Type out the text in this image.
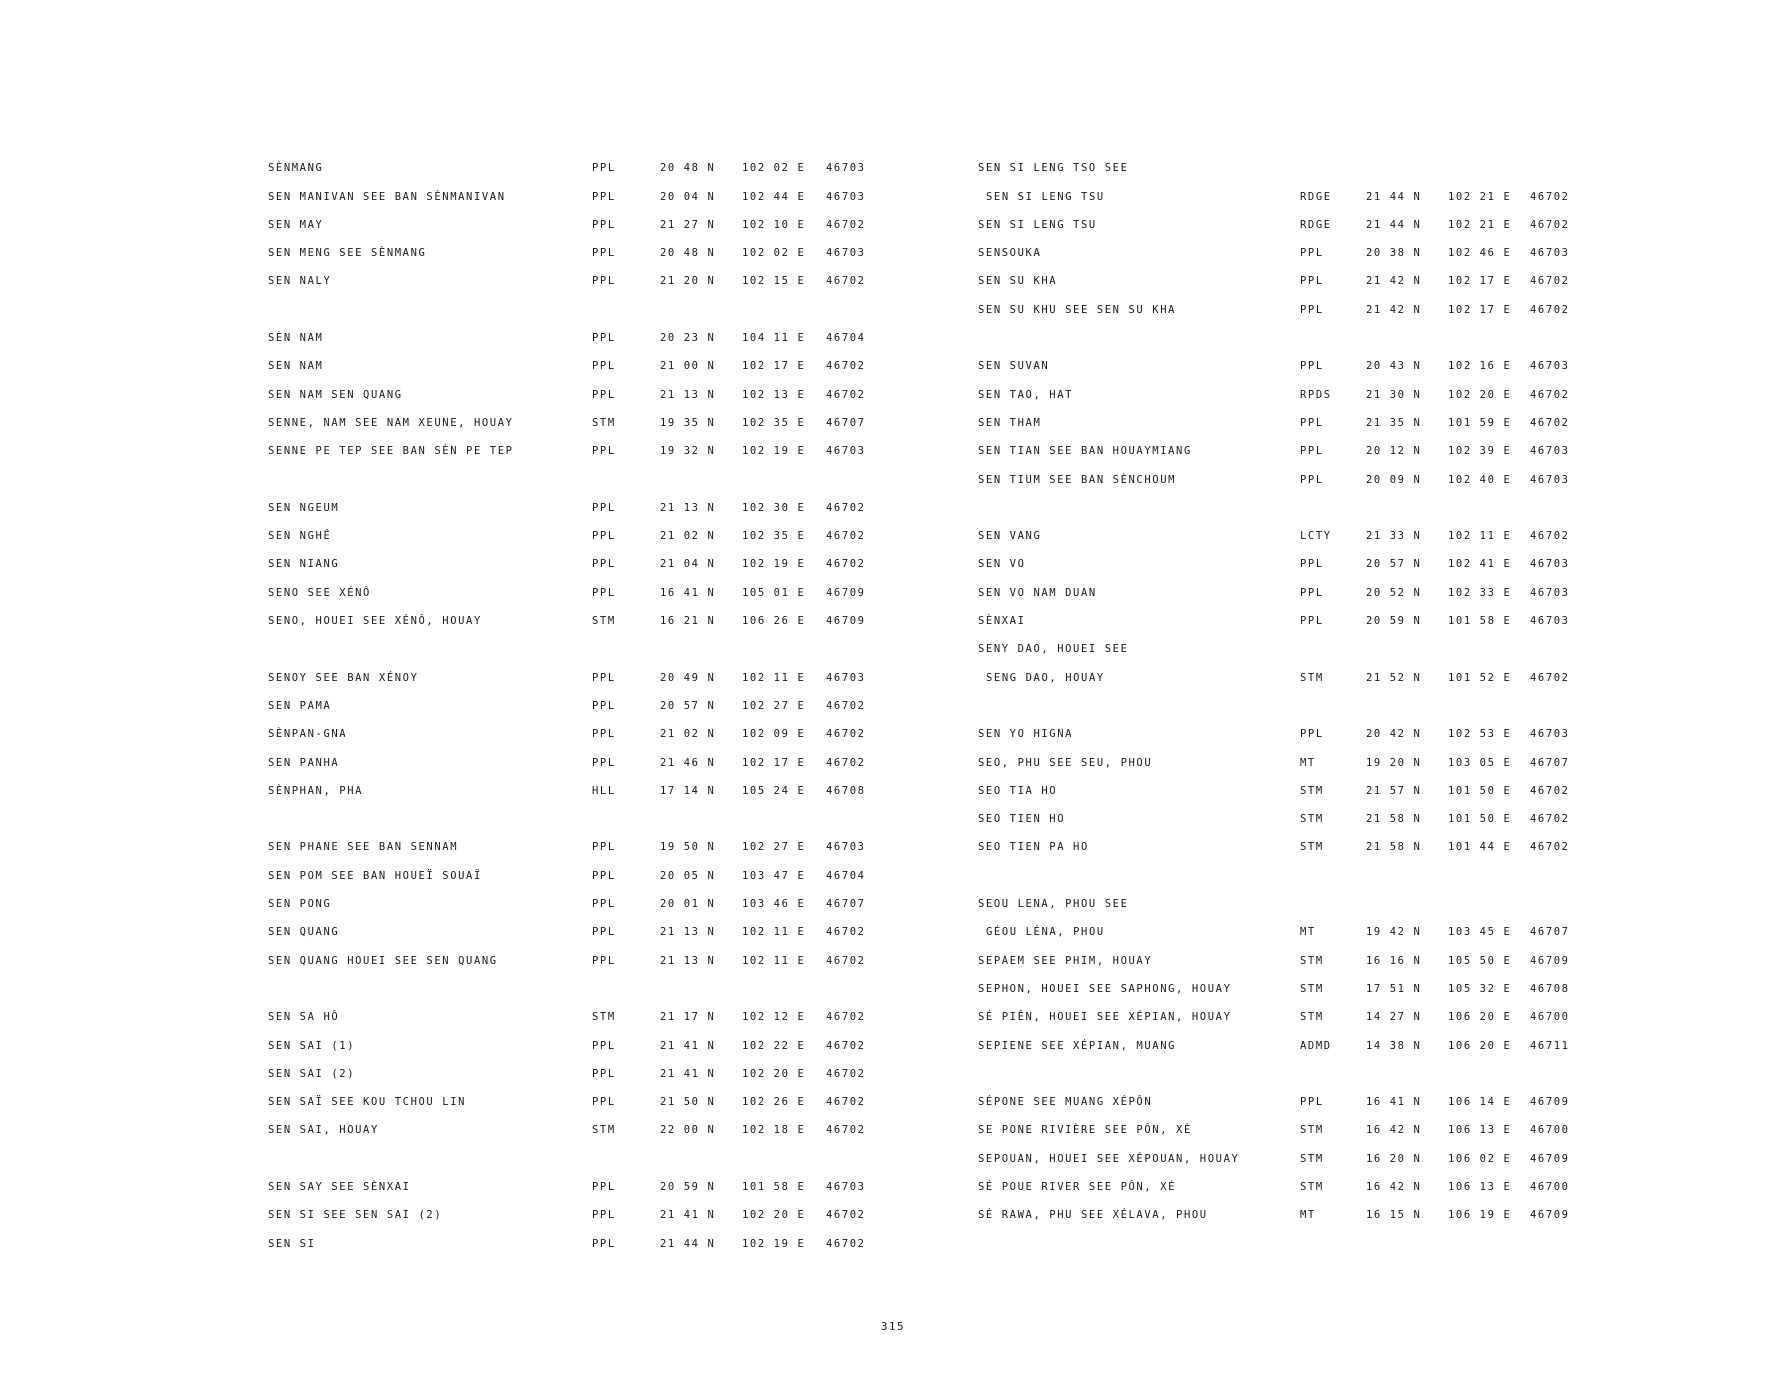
SÈNMANG	PPL	20 48 N	102 02 E	46703
SEN MANIVAN SEE BAN SÈNMANIVAN	PPL	20 04 N	102 44 E	46703
SEN MAY	PPL	21 27 N	102 10 E	46702
SEN MENG SEE SÈNMANG	PPL	20 48 N	102 02 E	46703
SEN NALY	PPL	21 20 N	102 15 E	46702
SÈN NAM	PPL	20 23 N	104 11 E	46704
SEN NAM	PPL	21 00 N	102 17 E	46702
SEN NAM SEN QUANG	PPL	21 13 N	102 13 E	46702
SENNE, NAM SEE NAM XEUNE, HOUAY	STM	19 35 N	102 35 E	46707
SENNE PE TEP SEE BAN SÈN PE TEP	PPL	19 32 N	102 19 E	46703
SEN NGEUM	PPL	21 13 N	102 30 E	46702
SEN NGHÊ	PPL	21 02 N	102 35 E	46702
SEN NIANG	PPL	21 04 N	102 19 E	46702
SENO SEE XÉNÔ	PPL	16 41 N	105 01 E	46709
SENO, HOUEI SEE XÉNÔ, HOUAY	STM	16 21 N	106 26 E	46709
SENOY SEE BAN XÉNOY	PPL	20 49 N	102 11 E	46703
SEN PAMA	PPL	20 57 N	102 27 E	46702
SÈNPAN-GNA	PPL	21 02 N	102 09 E	46702
SEN PANHA	PPL	21 46 N	102 17 E	46702
SÈNPHAN, PHA	HLL	17 14 N	105 24 E	46708
SEN PHANE SEE BAN SENNAM	PPL	19 50 N	102 27 E	46703
SEN POM SEE BAN HOUEÏ SOUAÏ	PPL	20 05 N	103 47 E	46704
SEN PONG	PPL	20 01 N	103 46 E	46707
SEN QUANG	PPL	21 13 N	102 11 E	46702
SEN QUANG HOUEI SEE SEN QUANG	PPL	21 13 N	102 11 E	46702
SEN SA HÔ	STM	21 17 N	102 12 E	46702
SEN SAI (1)	PPL	21 41 N	102 22 E	46702
SEN SAI (2)	PPL	21 41 N	102 20 E	46702
SEN SAÏ SEE KOU TCHOU LIN	PPL	21 50 N	102 26 E	46702
SEN SAI, HOUAY	STM	22 00 N	102 18 E	46702
SEN SAY SEE SÈNXAI	PPL	20 59 N	101 58 E	46703
SEN SI SEE SEN SAI (2)	PPL	21 41 N	102 20 E	46702
SEN SI	PPL	21 44 N	102 19 E	46702
SEN SI LENG TSO SEE
SEN SI LENG TSU	RDGE	21 44 N	102 21 E	46702
SEN SI LENG TSU	RDGE	21 44 N	102 21 E	46702
SENSOUKA	PPL	20 38 N	102 46 E	46703
SEN SU KHA	PPL	21 42 N	102 17 E	46702
SEN SU KHU SEE SEN SU KHA	PPL	21 42 N	102 17 E	46702
SEN SUVAN	PPL	20 43 N	102 16 E	46703
SEN TAO, HAT	RPDS	21 30 N	102 20 E	46702
SEN THAM	PPL	21 35 N	101 59 E	46702
SEN TIAN SEE BAN HOUAYMIANG	PPL	20 12 N	102 39 E	46703
SEN TIUM SEE BAN SÈNCHOUM	PPL	20 09 N	102 40 E	46703
SEN VANG	LCTY	21 33 N	102 11 E	46702
SEN VO	PPL	20 57 N	102 41 E	46703
SEN VO NAM DUAN	PPL	20 52 N	102 33 E	46703
SÈNXAI	PPL	20 59 N	101 58 E	46703
SENY DAO, HOUEI SEE
SENG DAO, HOUAY	STM	21 52 N	101 52 E	46702
SEN YO HIGNA	PPL	20 42 N	102 53 E	46703
SEO, PHU SEE SEU, PHOU	MT	19 20 N	103 05 E	46707
SEO TIA HO	STM	21 57 N	101 50 E	46702
SEO TIEN HO	STM	21 58 N	101 50 E	46702
SEO TIEN PA HO	STM	21 58 N	101 44 E	46702
SEOU LENA, PHOU SEE
GÉOU LÉNA, PHOU	MT	19 42 N	103 45 E	46707
SEPAEM SEE PHIM, HOUAY	STM	16 16 N	105 50 E	46709
SEPHON, HOUEI SEE SAPHONG, HOUAY	STM	17 51 N	105 32 E	46708
SÉ PIÊN, HOUEI SEE XÉPIAN, HOUAY	STM	14 27 N	106 20 E	46700
SEPIENE SEE XÉPIAN, MUANG	ADMD	14 38 N	106 20 E	46711
SÉPONE SEE MUANG XÉPÔN	PPL	16 41 N	106 14 E	46709
SE PONE RIVIÈRE SEE PÔN, XÈ	STM	16 42 N	106 13 E	46700
SEPOUAN, HOUEI SEE XÉPOUAN, HOUAY	STM	16 20 N	106 02 E	46709
SÉ POUE RIVER SEE PÔN, XÉ	STM	16 42 N	106 13 E	46700
SÉ RAWA, PHU SEE XÉLAVA, PHOU	MT	16 15 N	106 19 E	46709
315
